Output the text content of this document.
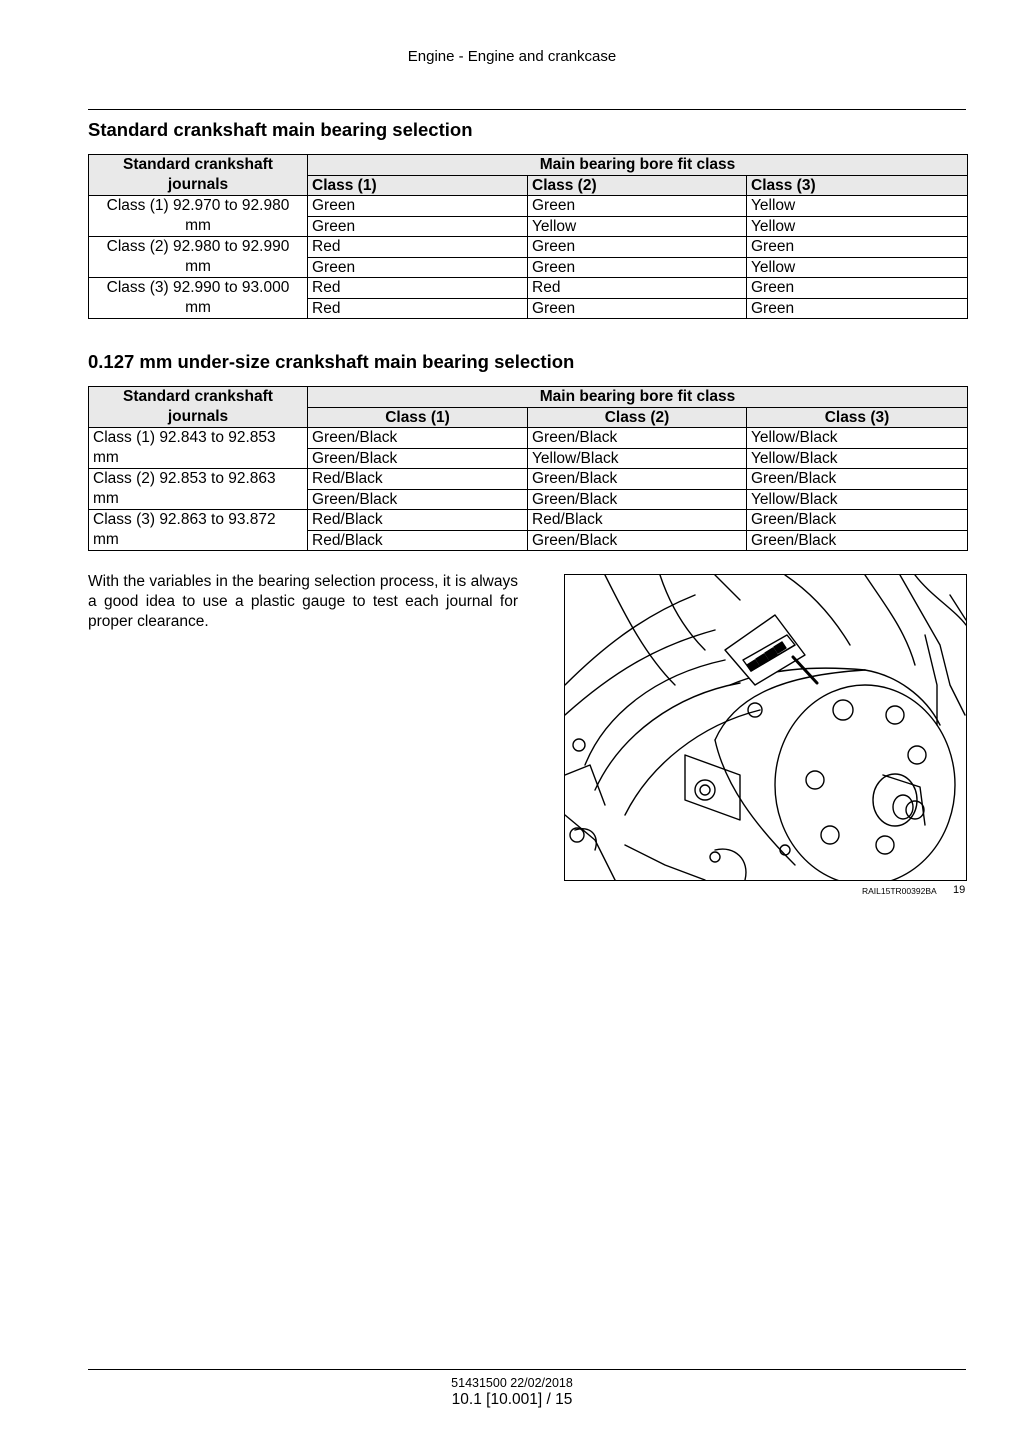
Engine - Engine and crankcase
Standard crankshaft main bearing selection
Standard crankshaft journals	Main bearing bore fit class		
	Class (1)	Class (2)	Class (3)
Class (1) 92.970 to 92.980 mm	Green	Green	Yellow
	Green	Yellow	Yellow
Class (2) 92.980 to 92.990 mm	Red	Green	Green
	Green	Green	Yellow
Class (3) 92.990 to 93.000 mm	Red	Red	Green
	Red	Green	Green
0.127 mm under-size crankshaft main bearing selection
Standard crankshaft journals	Main bearing bore fit class		
	Class (1)	Class (2)	Class (3)
Class (1) 92.843 to 92.853 mm	Green/Black	Green/Black	Yellow/Black
	Green/Black	Yellow/Black	Yellow/Black
Class (2) 92.853 to 92.863 mm	Red/Black	Green/Black	Green/Black
	Green/Black	Green/Black	Yellow/Black
Class (3) 92.863 to 93.872 mm	Red/Black	Red/Black	Green/Black
	Red/Black	Green/Black	Green/Black
With the variables in the bearing selection process, it is always a good idea to use a plastic gauge to test each journal for proper clearance.
RAIL15TR00392BA 19
51431500 22/02/2018
10.1 [10.001] / 15
